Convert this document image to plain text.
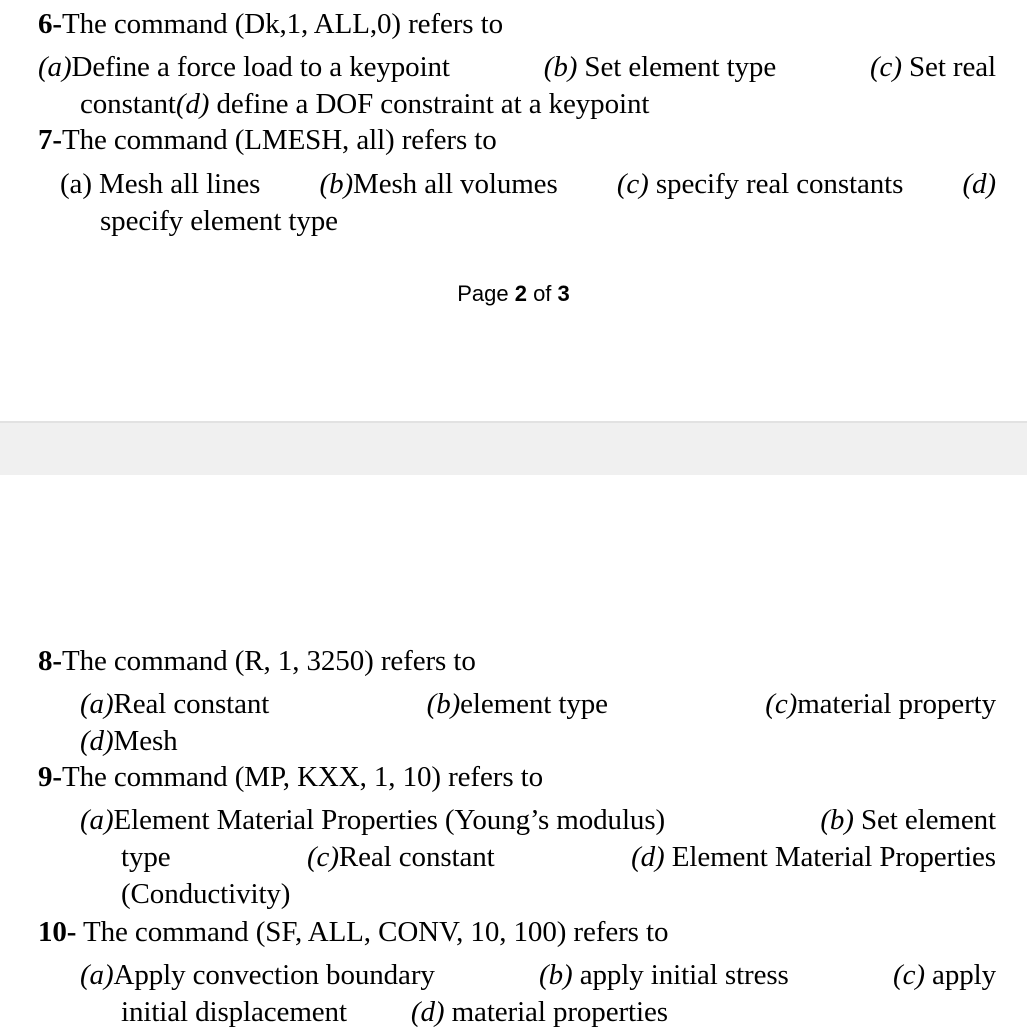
6-The command (Dk,1, ALL,0) refers to
(a)Define a force load to a keypoint	(b) Set element type	(c) Set real
constant(d) define a DOF constraint at a keypoint
7-The command (LMESH, all) refers to
(a) Mesh all lines (b)Mesh all volumes (c) specify real constants (d)
specify element type
Page 2 of 3
8-The command (R, 1, 3250) refers to
(a)Real constant	(b)element type	(c)material property
(d)Mesh
9-The command (MP, KXX, 1, 10) refers to
(a)Element Material Properties (Young’s modulus)	(b) Set element
type	(c)Real constant	(d) Element Material Properties
(Conductivity)
10- The command (SF, ALL, CONV, 10, 100) refers to
(a)Apply convection boundary	(b) apply initial stress	(c) apply
initial displacement (d) material properties
